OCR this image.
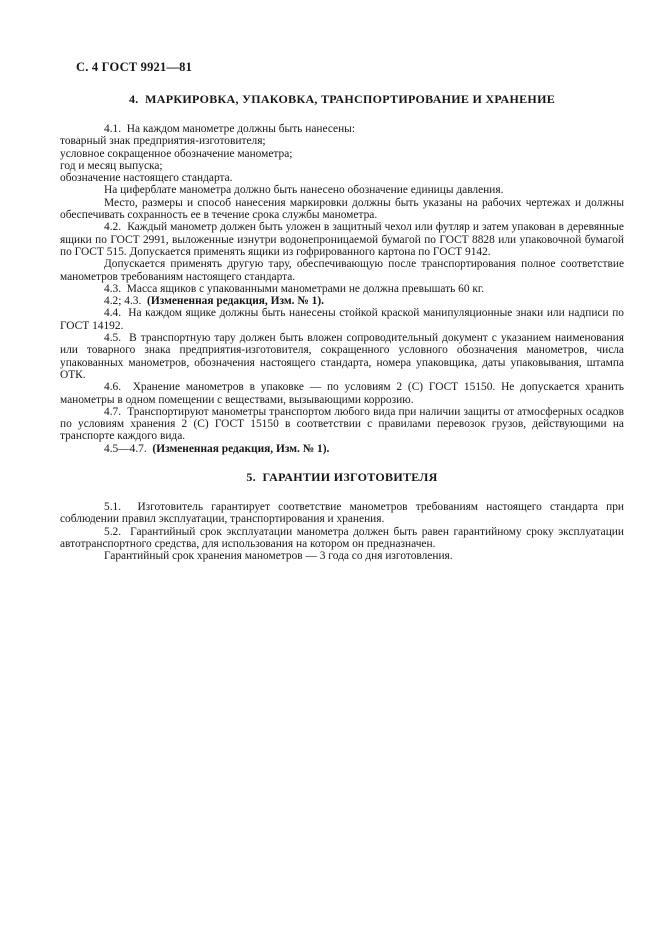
С. 4 ГОСТ 9921—81
4.  МАРКИРОВКА, УПАКОВКА, ТРАНСПОРТИРОВАНИЕ И ХРАНЕНИЕ
4.1.  На каждом манометре должны быть нанесены:
товарный знак предприятия-изготовителя;
условное сокращенное обозначение манометра;
год и месяц выпуска;
обозначение настоящего стандарта.
На циферблате манометра должно быть нанесено обозначение единицы давления.
Место, размеры и способ нанесения маркировки должны быть указаны на рабочих чертежах и должны обеспечивать сохранность ее в течение срока службы манометра.
4.2.  Каждый манометр должен быть уложен в защитный чехол или футляр и затем упакован в деревянные ящики по ГОСТ 2991, выложенные изнутри водонепроницаемой бумагой по ГОСТ 8828 или упаковочной бумагой по ГОСТ 515. Допускается применять ящики из гофрированного картона по ГОСТ 9142.
Допускается применять другую тару, обеспечивающую после транспортирования полное соответствие манометров требованиям настоящего стандарта.
4.3.  Масса ящиков с упакованными манометрами не должна превышать 60 кг.
4.2; 4.3.  (Измененная редакция, Изм. № 1).
4.4.  На каждом ящике должны быть нанесены стойкой краской манипуляционные знаки или надписи по ГОСТ 14192.
4.5.  В транспортную тару должен быть вложен сопроводительный документ с указанием наименования или товарного знака предприятия-изготовителя, сокращенного условного обозначения манометров, числа упакованных манометров, обозначения настоящего стандарта, номера упаковщика, даты упаковывания, штампа ОТК.
4.6.  Хранение манометров в упаковке — по условиям 2 (С) ГОСТ 15150. Не допускается хранить манометры в одном помещении с веществами, вызывающими коррозию.
4.7.  Транспортируют манометры транспортом любого вида при наличии защиты от атмосферных осадков по условиям хранения 2 (С) ГОСТ 15150 в соответствии с правилами перевозок грузов, действующими на транспорте каждого вида.
4.5—4.7.  (Измененная редакция, Изм. № 1).
5.  ГАРАНТИИ ИЗГОТОВИТЕЛЯ
5.1.  Изготовитель гарантирует соответствие манометров требованиям настоящего стандарта при соблюдении правил эксплуатации, транспортирования и хранения.
5.2.  Гарантийный срок эксплуатации манометра должен быть равен гарантийному сроку эксплуатации автотранспортного средства, для использования на котором он предназначен.
Гарантийный срок хранения манометров — 3 года со дня изготовления.
